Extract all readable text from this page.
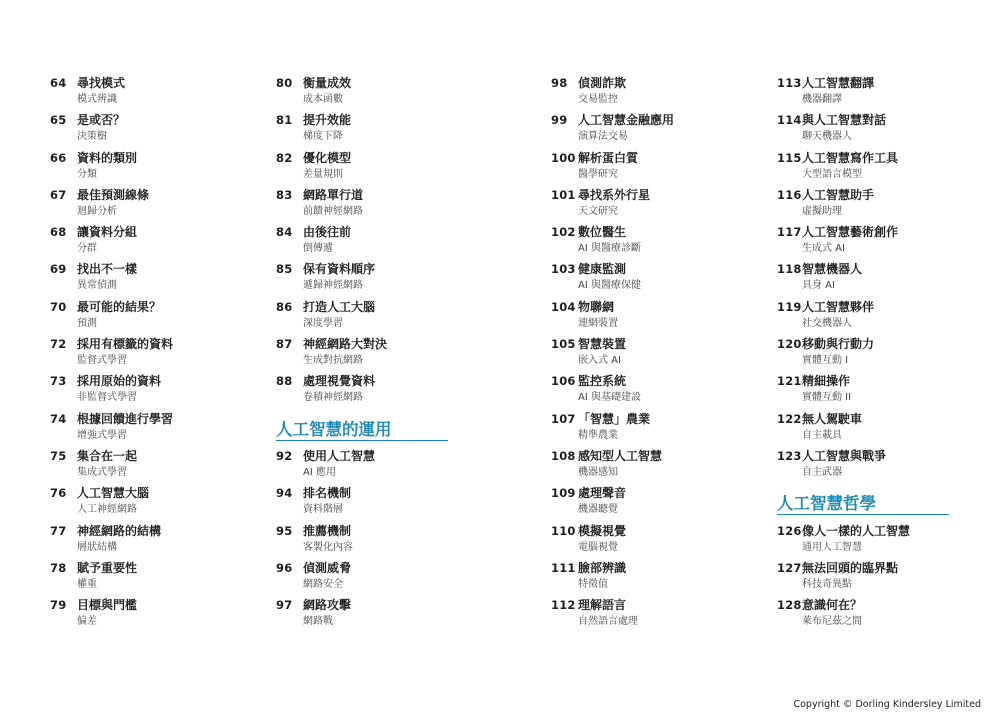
64 尋找模式
模式辨識
65 是或否？
決策樹
66 資料的類別
分類
67 最佳預測線條
迴歸分析
68 讓資料分組
分群
69 找出不一樣
異常偵測
70 最可能的結果？
預測
72 採用有標籤的資料
監督式學習
73 採用原始的資料
非監督式學習
74 根據回饋進行學習
增強式學習
75 集合在一起
集成式學習
76 人工智慧大腦
人工神經網路
77 神經網路的結構
層狀結構
78 賦予重要性
權重
79 目標與門檻
偏差
80 衡量成效
成本函數
81 提升效能
梯度下降
82 優化模型
差量規則
83 網路單行道
前饋神經網路
84 由後往前
倒傳遞
85 保有資料順序
遞歸神經網路
86 打造人工大腦
深度學習
87 神經網路大對決
生成對抗網路
88 處理視覺資料
卷積神經網路
人工智慧的運用
92 使用人工智慧
AI 應用
94 排名機制
資料階層
95 推薦機制
客製化內容
96 偵測威脅
網路安全
97 網路攻擊
網路戰
98 偵測詐欺
交易監控
99 人工智慧金融應用
演算法交易
100 解析蛋白質
醫學研究
101 尋找系外行星
天文研究
102 數位醫生
AI 與醫療診斷
103 健康監測
AI 與醫療保健
104 物聯網
連網裝置
105 智慧裝置
嵌入式 AI
106 監控系統
AI 與基礎建設
107 「智慧」農業
精準農業
108 感知型人工智慧
機器感知
109 處理聲音
機器聽覺
110 模擬視覺
電腦視覺
111 臉部辨識
特徵值
112 理解語言
自然語言處理
113 人工智慧翻譯
機器翻譯
114 與人工智慧對話
聊天機器人
115 人工智慧寫作工具
大型語言模型
116 人工智慧助手
虛擬助理
117 人工智慧藝術創作
生成式 AI
118 智慧機器人
具身 AI
119 人工智慧夥伴
社交機器人
120 移動與行動力
實體互動 I
121 精細操作
實體互動 II
122 無人駕駛車
自主載具
123 人工智慧與戰爭
自主武器
人工智慧哲學
126 像人一樣的人工智慧
通用人工智慧
127 無法回頭的臨界點
科技奇異點
128 意識何在？
萊布尼茲之間
Copyright © Dorling Kindersley Limited
